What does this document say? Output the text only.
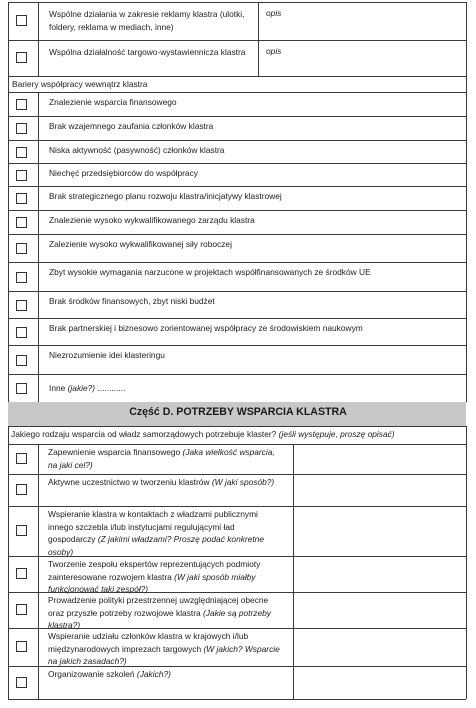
Wspólne działania w zakresie reklamy klastra (ulotki, foldery, reklama w mediach, inne)
opis
Wspólna działalność targowo-wystawiennicza klastra	opis
Bariery współpracy wewnątrz klastra
Znalezienie wsparcia finansowego
Brak wzajemnego zaufania członków klastra
Niska aktywność (pasywność) członków klastra
Niechęć przedsiębiorców do współpracy
Brak strategicznego planu rozwoju klastra/inicjatywy klastrowej
Znalezienie wysoko wykwalifikowanego zarządu klastra
Zalezienie wysoko wykwalifikowanej siły roboczej
Zbyt wysokie wymagania narzucone w projektach współfinansowanych ze środków UE
Brak środków finansowych, zbyt niski budżet
Brak partnerskiej i biznesowo zorientowanej współpracy ze środowiskiem naukowym
Niezrozumienie idei klasteringu
Inne (jakie?) ............
Część D. POTRZEBY WSPARCIA KLASTRA
Jakiego rodzaju wsparcia od władz samorządowych potrzebuje klaster? (jeśli występuje, proszę opisać)
Zapewnienie wsparcia finansowego (Jaka wielkość wsparcia, na jaki cel?)
Aktywne uczestnictwo w tworzeniu klastrów (W jaki sposób?)
Wspieranie klastra w kontaktach z władzami publicznymi innego szczebla i/lub instytucjami regulującymi ład gospodarczy (Z jakimi władzami? Proszę podać konkretne osoby)
Tworzenie zespołu ekspertów reprezentujących podmioty zainteresowane rozwojem klastra (W jaki sposób miałby funkcjonować taki zespół?)
Prowadzenie polityki przestrzennej uwzględniającej obecne oraz przyszłe potrzeby rozwojowe klastra (Jakie są potrzeby klastra?)
Wspieranie udziału członków klastra w krajowych i/lub międzynarodowych imprezach targowych (W jakich? Wsparcie na jakich zasadach?)
Organizowanie szkoleń (Jakich?)
